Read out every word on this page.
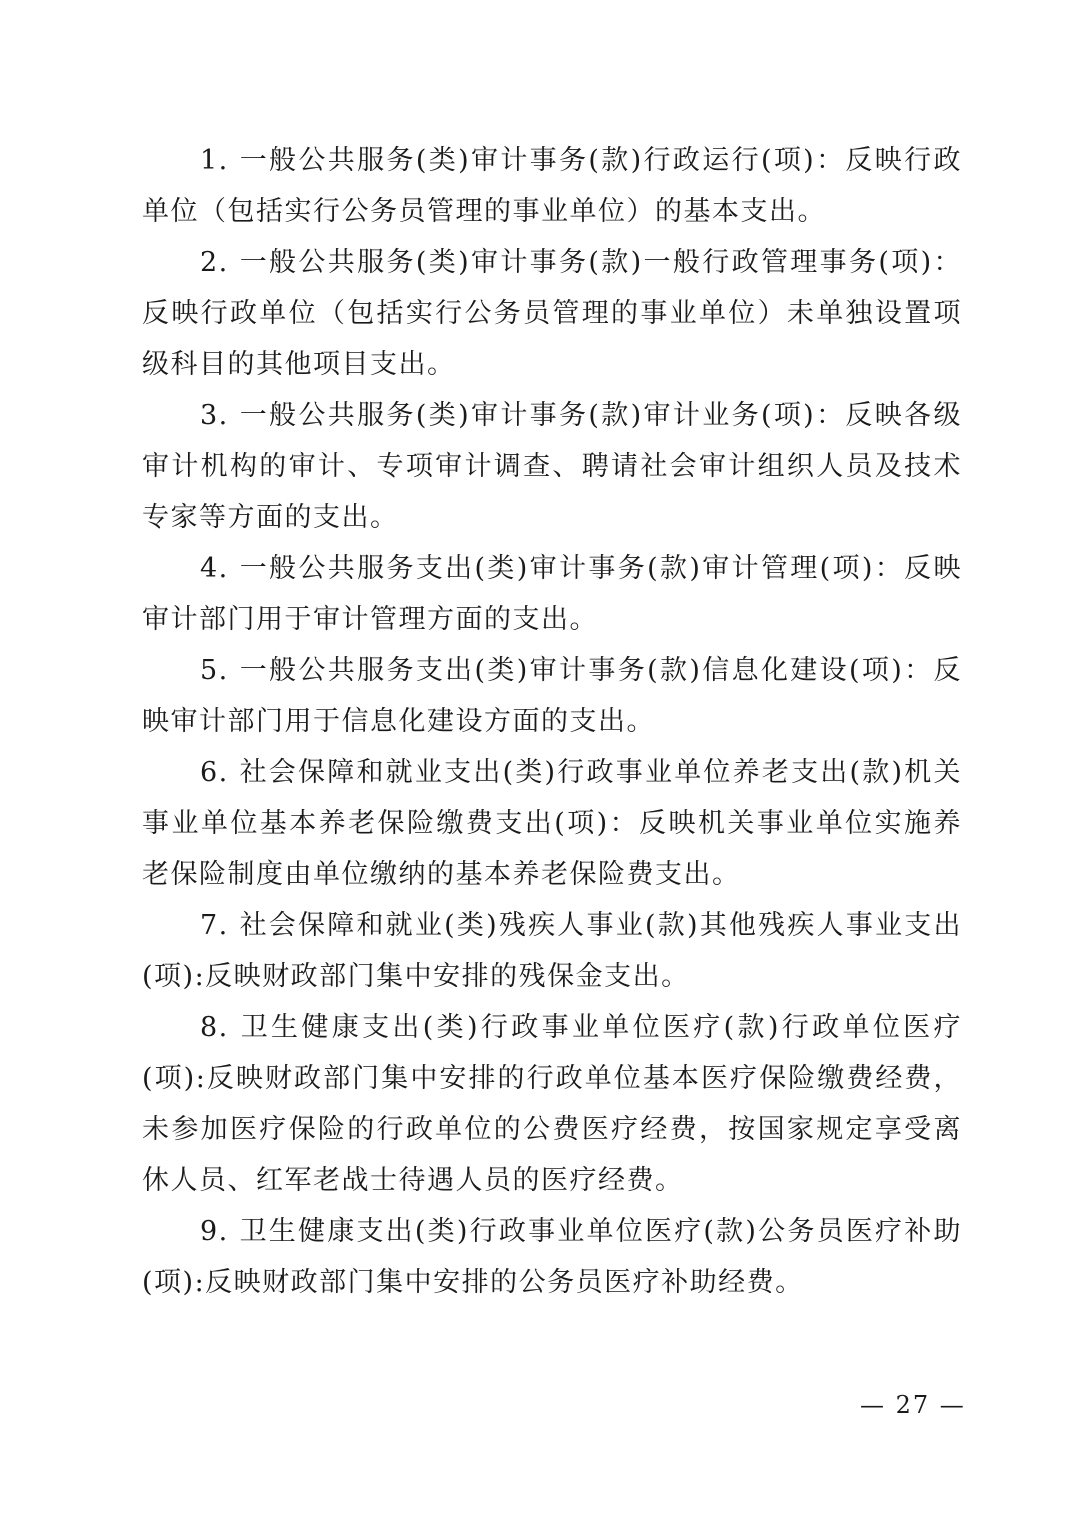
1. 一般公共服务(类)审计事务(款)行政运行(项)：反映行政单位（包括实行公务员管理的事业单位）的基本支出。

2. 一般公共服务(类)审计事务(款)一般行政管理事务(项)：反映行政单位（包括实行公务员管理的事业单位）未单独设置项级科目的其他项目支出。

3. 一般公共服务(类)审计事务(款)审计业务(项)：反映各级审计机构的审计、专项审计调查、聘请社会审计组织人员及技术专家等方面的支出。

4. 一般公共服务支出(类)审计事务(款)审计管理(项)：反映审计部门用于审计管理方面的支出。

5. 一般公共服务支出(类)审计事务(款)信息化建设(项)：反映审计部门用于信息化建设方面的支出。

6. 社会保障和就业支出(类)行政事业单位养老支出(款)机关事业单位基本养老保险缴费支出(项)：反映机关事业单位实施养老保险制度由单位缴纳的基本养老保险费支出。

7. 社会保障和就业(类)残疾人事业(款)其他残疾人事业支出(项):反映财政部门集中安排的残保金支出。

8. 卫生健康支出(类)行政事业单位医疗(款)行政单位医疗(项):反映财政部门集中安排的行政单位基本医疗保险缴费经费，未参加医疗保险的行政单位的公费医疗经费，按国家规定享受离休人员、红军老战士待遇人员的医疗经费。

9. 卫生健康支出(类)行政事业单位医疗(款)公务员医疗补助(项):反映财政部门集中安排的公务员医疗补助经费。

— 27 —
